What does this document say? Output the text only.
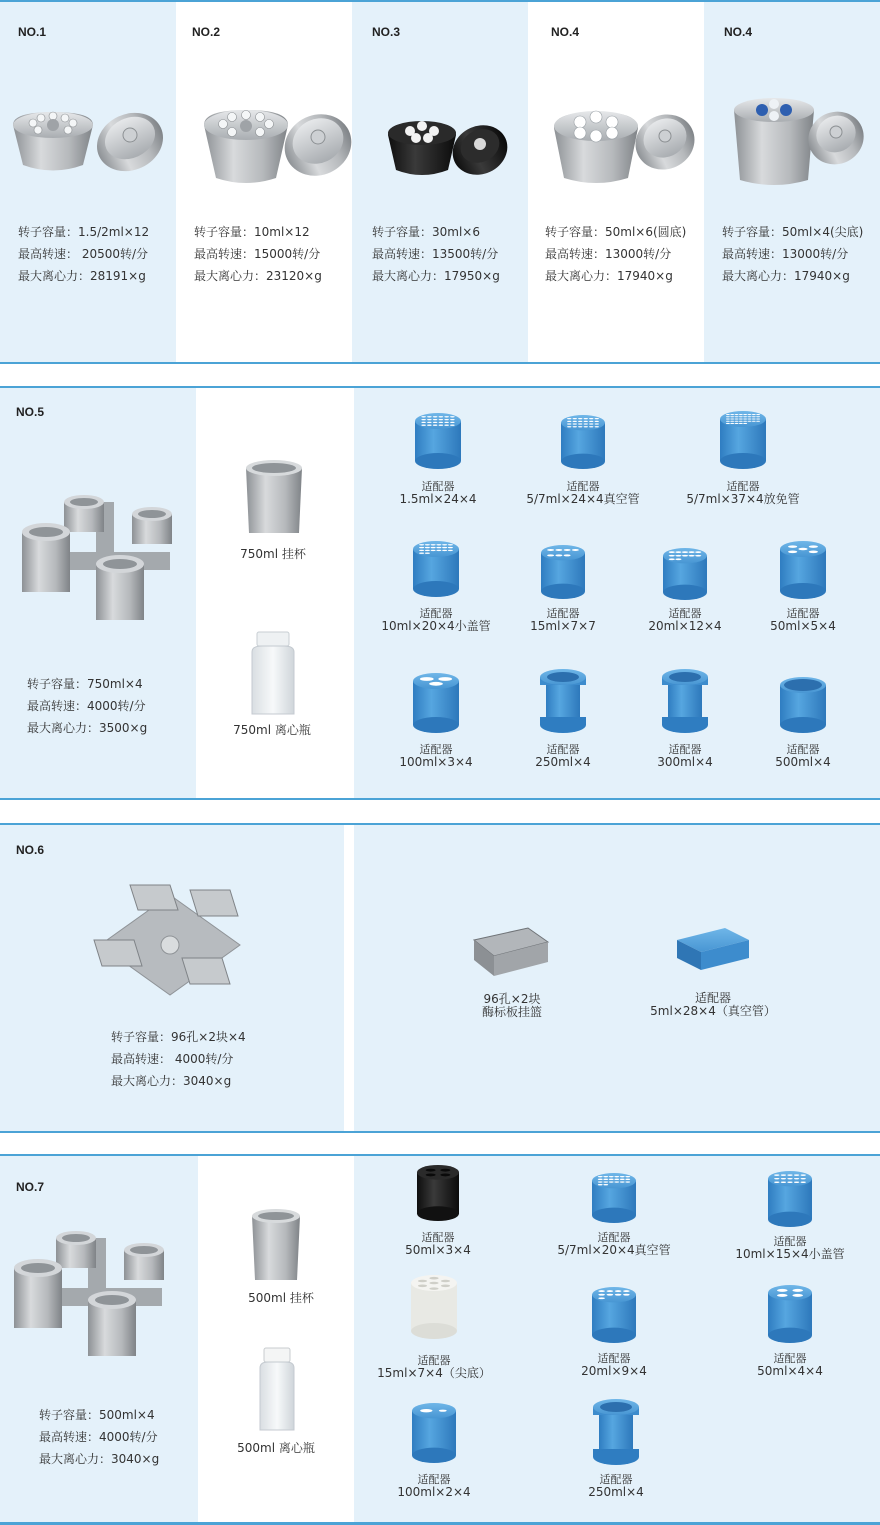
NO.1	NO.2	NO.3	NO.4	NO.4
转子容量：1.5/2ml×12
最高转速： 20500转/分
最大离心力：28191×g
转子容量：10ml×12
最高转速：15000转/分
最大离心力：23120×g
转子容量：30ml×6
最高转速：13500转/分
最大离心力：17950×g
转子容量：50ml×6(圆底)
最高转速：13000转/分
最大离心力：17940×g
转子容量：50ml×4(尖底)
最高转速：13000转/分
最大离心力：17940×g
NO.5
转子容量：750ml×4
最高转速：4000转/分
最大离心力：3500×g
750ml 挂杯
750ml 离心瓶
适配器
1.5ml×24×4
适配器
5/7ml×24×4真空管
适配器
5/7ml×37×4放免管
适配器
10ml×20×4小盖管
适配器
15ml×7×7
适配器
20ml×12×4
适配器
50ml×5×4
适配器
100ml×3×4
适配器
250ml×4
适配器
300ml×4
适配器
500ml×4
NO.6
转子容量：96孔×2块×4
最高转速： 4000转/分
最大离心力：3040×g
96孔×2块
酶标板挂篮
适配器
5ml×28×4（真空管）
NO.7
转子容量：500ml×4
最高转速：4000转/分
最大离心力：3040×g
500ml 挂杯
500ml 离心瓶
适配器
50ml×3×4
适配器
5/7ml×20×4真空管
适配器
10ml×15×4小盖管
适配器
15ml×7×4（尖底）
适配器
20ml×9×4
适配器
50ml×4×4
适配器
100ml×2×4
适配器
250ml×4
